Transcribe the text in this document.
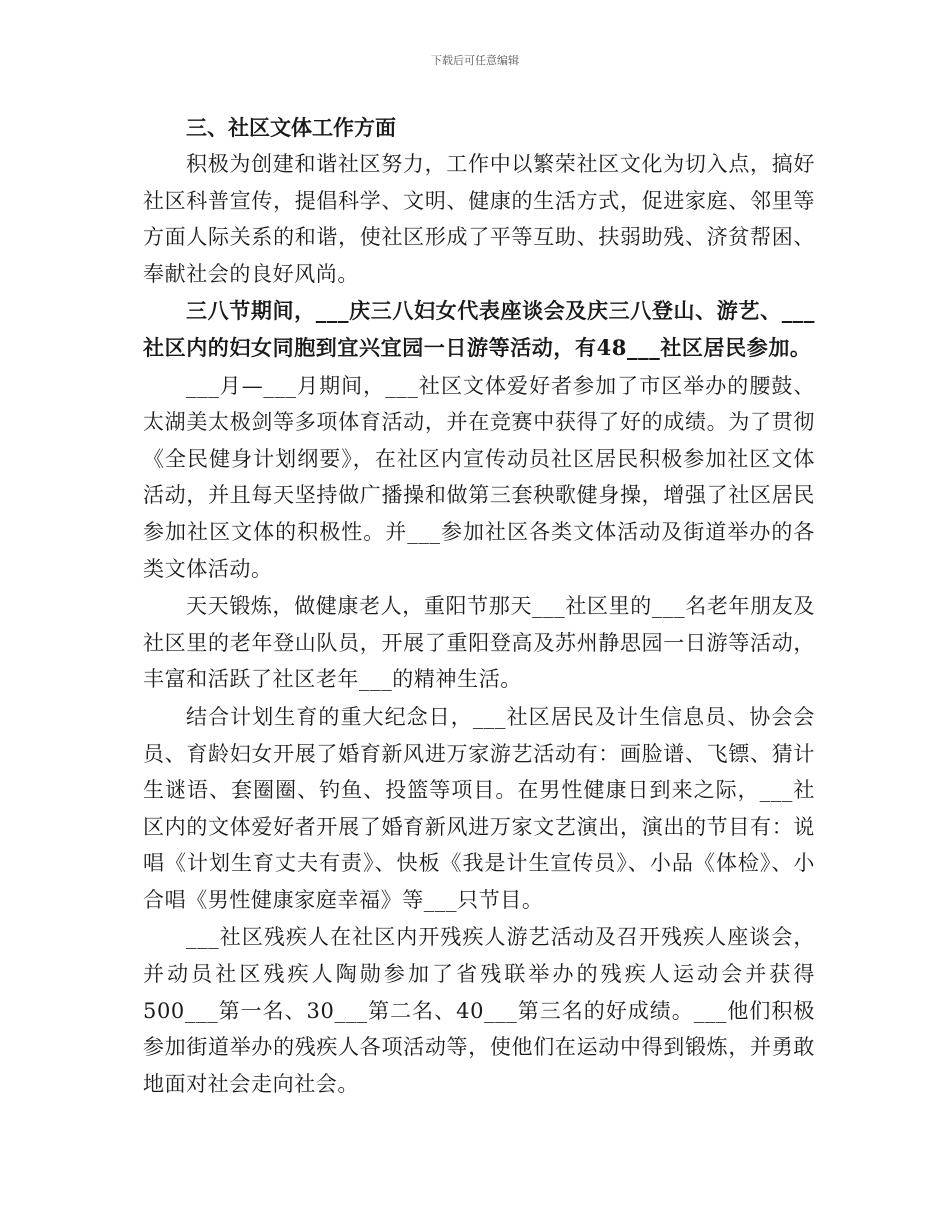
下载后可任意编辑
三、社区文体工作方面

积极为创建和谐社区努力，工作中以繁荣社区文化为切入点，搞好社区科普宣传，提倡科学、文明、健康的生活方式，促进家庭、邻里等方面人际关系的和谐，使社区形成了平等互助、扶弱助残、济贫帮困、奉献社会的良好风尚。

三八节期间，___庆三八妇女代表座谈会及庆三八登山、游艺、___社区内的妇女同胞到宜兴宜园一日游等活动，有48___社区居民参加。

___月—___月期间，___社区文体爱好者参加了市区举办的腰鼓、太湖美太极剑等多项体育活动，并在竞赛中获得了好的成绩。为了贯彻《全民健身计划纲要》，在社区内宣传动员社区居民积极参加社区文体活动，并且每天坚持做广播操和做第三套秧歌健身操，增强了社区居民参加社区文体的积极性。并___参加社区各类文体活动及街道举办的各类文体活动。

天天锻炼，做健康老人，重阳节那天___社区里的___名老年朋友及社区里的老年登山队员，开展了重阳登高及苏州静思园一日游等活动，丰富和活跃了社区老年___的精神生活。

结合计划生育的重大纪念日，___社区居民及计生信息员、协会会员、育龄妇女开展了婚育新风进万家游艺活动有：画脸谱、飞镖、猜计生谜语、套圈圈、钓鱼、投篮等项目。在男性健康日到来之际，___社区内的文体爱好者开展了婚育新风进万家文艺演出，演出的节目有：说唱《计划生育丈夫有责》、快板《我是计生宣传员》、小品《体检》、小合唱《男性健康家庭幸福》等___只节目。

___社区残疾人在社区内开残疾人游艺活动及召开残疾人座谈会，并动员社区残疾人陶勋参加了省残联举办的残疾人运动会并获得500___第一名、30___第二名、40___第三名的好成绩。___他们积极参加街道举办的残疾人各项活动等，使他们在运动中得到锻炼，并勇敢地面对社会走向社会。
